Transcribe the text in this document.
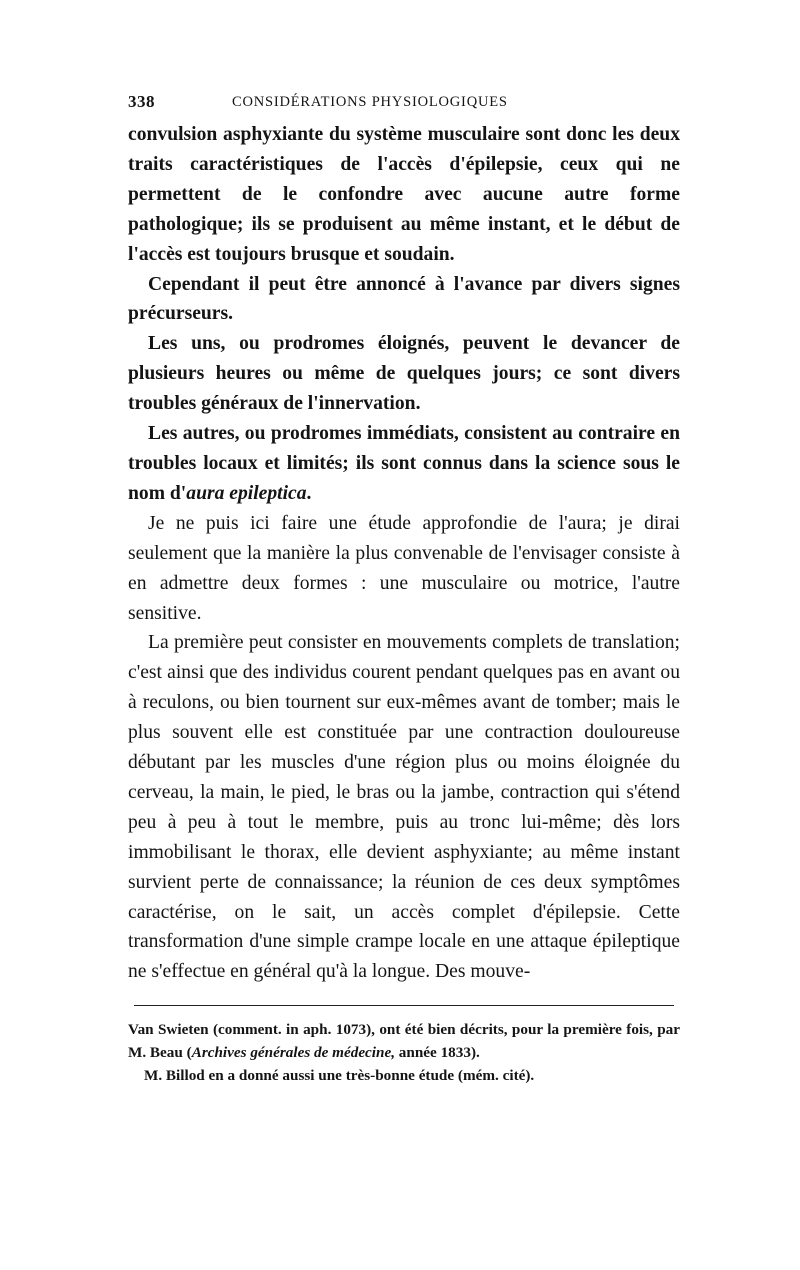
338	CONSIDÉRATIONS PHYSIOLOGIQUES

convulsion asphyxiante du système musculaire sont donc les deux traits caractéristiques de l'accès d'épilepsie, ceux qui ne permettent de le confondre avec aucune autre forme pathologique; ils se produisent au même instant, et le début de l'accès est toujours brusque et soudain.

Cependant il peut être annoncé à l'avance par divers signes précurseurs.

Les uns, ou prodromes éloignés, peuvent le devancer de plusieurs heures ou même de quelques jours; ce sont divers troubles généraux de l'innervation.

Les autres, ou prodromes immédiats, consistent au contraire en troubles locaux et limités; ils sont connus dans la science sous le nom d'aura epileptica.

Je ne puis ici faire une étude approfondie de l'aura; je dirai seulement que la manière la plus convenable de l'envisager consiste à en admettre deux formes : une musculaire ou motrice, l'autre sensitive.

La première peut consister en mouvements complets de translation; c'est ainsi que des individus courent pendant quelques pas en avant ou à reculons, ou bien tournent sur eux-mêmes avant de tomber; mais le plus souvent elle est constituée par une contraction douloureuse débutant par les muscles d'une région plus ou moins éloignée du cerveau, la main, le pied, le bras ou la jambe, contraction qui s'étend peu à peu à tout le membre, puis au tronc lui-même; dès lors immobilisant le thorax, elle devient asphyxiante; au même instant survient perte de connaissance; la réunion de ces deux symptômes caractérise, on le sait, un accès complet d'épilepsie. Cette transformation d'une simple crampe locale en une attaque épileptique ne s'effectue en général qu'à la longue. Des mouve-

Van Swieten (comment. in aph. 1073), ont été bien décrits, pour la première fois, par M. Beau (Archives générales de médecine, année 1833).

M. Billod en a donné aussi une très-bonne étude (mém. cité).
